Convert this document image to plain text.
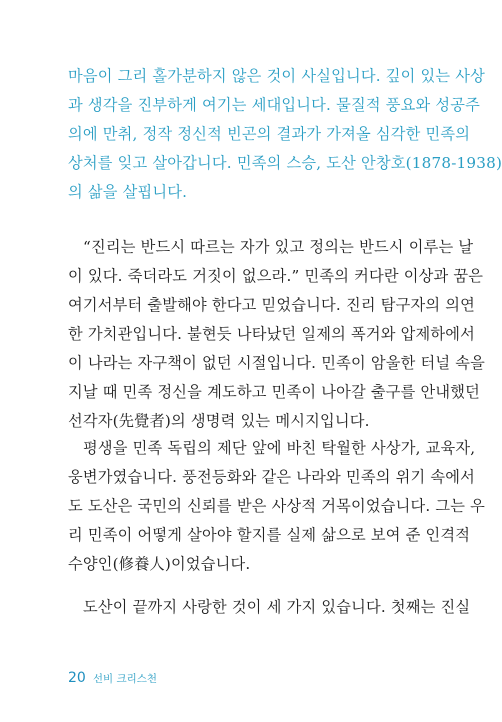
마음이 그리 홀가분하지 않은 것이 사실입니다. 깊이 있는 사상
과 생각을 진부하게 여기는 세대입니다. 물질적 풍요와 성공주
의에 만취, 정작 정신적 빈곤의 결과가 가져올 심각한 민족의
상처를 잊고 살아갑니다. 민족의 스승, 도산 안창호(1878-1938)
의 삶을 살핍니다.
“진리는 반드시 따르는 자가 있고 정의는 반드시 이루는 날
이 있다. 죽더라도 거짓이 없으라.” 민족의 커다란 이상과 꿈은
여기서부터 출발해야 한다고 믿었습니다. 진리 탐구자의 의연
한 가치관입니다. 불현듯 나타났던 일제의 폭거와 압제하에서
이 나라는 자구책이 없던 시절입니다. 민족이 암울한 터널 속을
지날 때 민족 정신을 계도하고 민족이 나아갈 출구를 안내했던
선각자(先覺者)의 생명력 있는 메시지입니다.
평생을 민족 독립의 제단 앞에 바친 탁월한 사상가, 교육자,
웅변가였습니다. 풍전등화와 같은 나라와 민족의 위기 속에서
도 도산은 국민의 신뢰를 받은 사상적 거목이었습니다. 그는 우
리 민족이 어떻게 살아야 할지를 실제 삶으로 보여 준 인격적
수양인(修養人)이었습니다.
도산이 끝까지 사랑한 것이 세 가지 있습니다. 첫째는 진실
20 선비 크리스천
